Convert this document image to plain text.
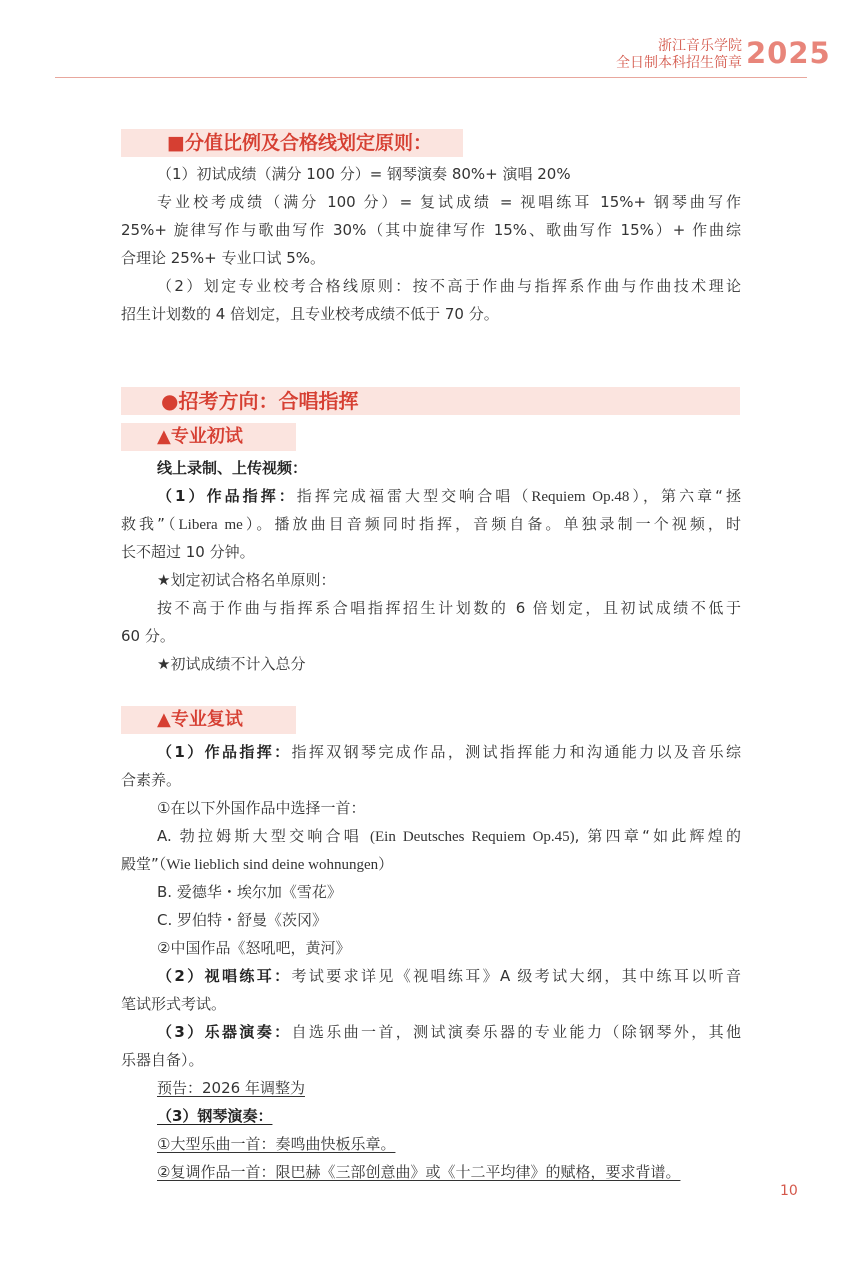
浙江音乐学院
全日制本科招生简章 2025
■分值比例及合格线划定原则：
（1）初试成绩（满分 100 分）= 钢琴演奏 80%+ 演唱 20%
专业校考成绩（满分 100 分）= 复试成绩 = 视唱练耳 15%+ 钢琴曲写作
25%+ 旋律写作与歌曲写作 30%（其中旋律写作 15%、歌曲写作 15%）+ 作曲综
合理论 25%+ 专业口试 5%。
（2）划定专业校考合格线原则：按不高于作曲与指挥系作曲与作曲技术理论
招生计划数的 4 倍划定，且专业校考成绩不低于 70 分。
●招考方向：合唱指挥
▲专业初试
线上录制、上传视频：
（1）作品指挥：指挥完成福雷大型交响合唱（Requiem Op.48），第六章“拯
救我”（Libera me）。播放曲目音频同时指挥，音频自备。单独录制一个视频，时
长不超过 10 分钟。
★划定初试合格名单原则：
按不高于作曲与指挥系合唱指挥招生计划数的 6 倍划定，且初试成绩不低于
60 分。
★初试成绩不计入总分
▲专业复试
（1）作品指挥：指挥双钢琴完成作品，测试指挥能力和沟通能力以及音乐综
合素养。
①在以下外国作品中选择一首：
A. 勃拉姆斯大型交响合唱 (Ein Deutsches Requiem Op.45), 第四章“如此辉煌的
殿堂”（Wie lieblich sind deine wohnungen）
B. 爱德华・埃尔加《雪花》
C. 罗伯特・舒曼《茨冈》
②中国作品《怒吼吧，黄河》
（2）视唱练耳：考试要求详见《视唱练耳》A 级考试大纲，其中练耳以听音
笔试形式考试。
（3）乐器演奏：自选乐曲一首，测试演奏乐器的专业能力（除钢琴外，其他
乐器自备）。
预告：2026 年调整为
（3）钢琴演奏：
①大型乐曲一首：奏鸣曲快板乐章。
②复调作品一首：限巴赫《三部创意曲》或《十二平均律》的赋格，要求背谱。
10
